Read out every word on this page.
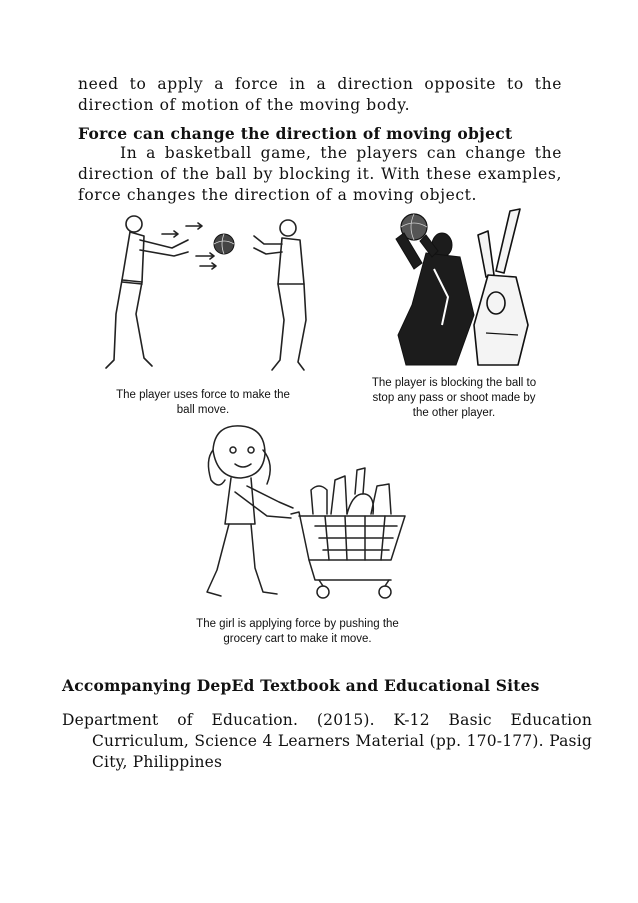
need to apply a force in a direction opposite to the direction of motion of the moving body.

Force can change the direction of moving object

In a basketball game, the players can change the direction of the ball by blocking it. With these examples, force changes the direction of a moving object.

The player uses force to make the ball move.

The player is blocking the ball to stop any pass or shoot made by the other player.

The girl is applying force by pushing the grocery cart to make it move.

Accompanying DepEd Textbook and Educational Sites

Department of Education. (2015). K-12 Basic Education Curriculum, Science 4 Learners Material (pp. 170-177). Pasig City, Philippines
